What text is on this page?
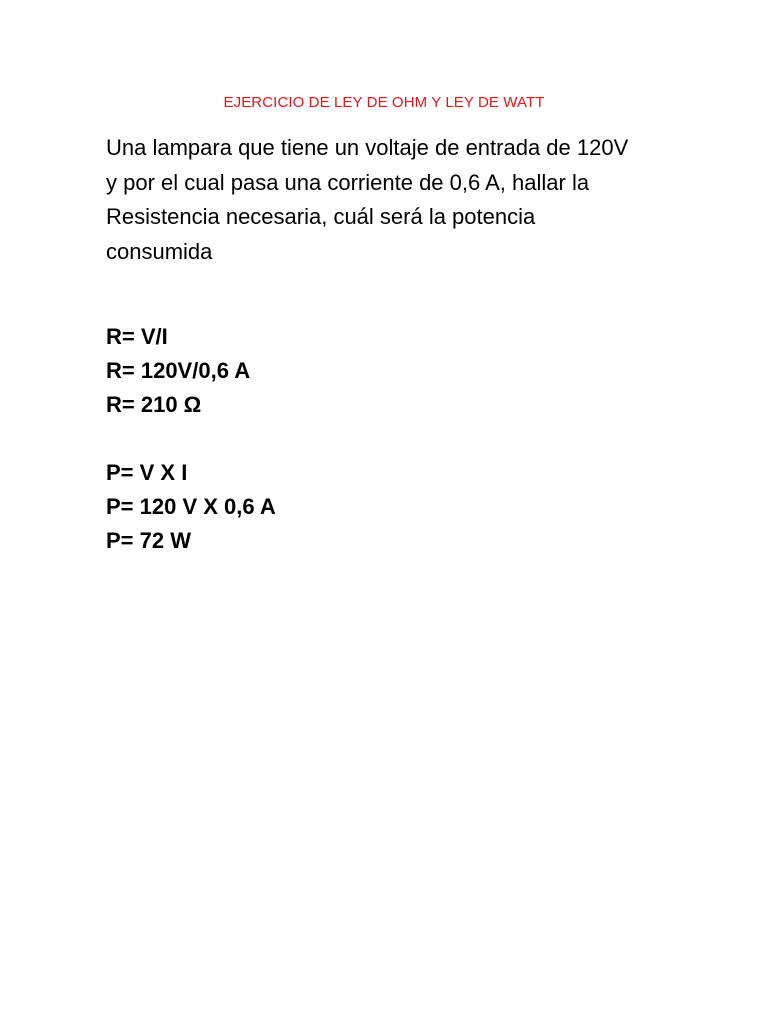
EJERCICIO DE LEY DE OHM Y LEY DE WATT

Una lampara que tiene un voltaje de entrada de 120V

y por el cual pasa una corriente de 0,6 A, hallar la

Resistencia necesaria, cuál será la potencia

consumida

R= V/I

R= 120V/0,6 A

R= 210 Ω

P= V X I

P= 120 V X 0,6 A

P= 72 W
